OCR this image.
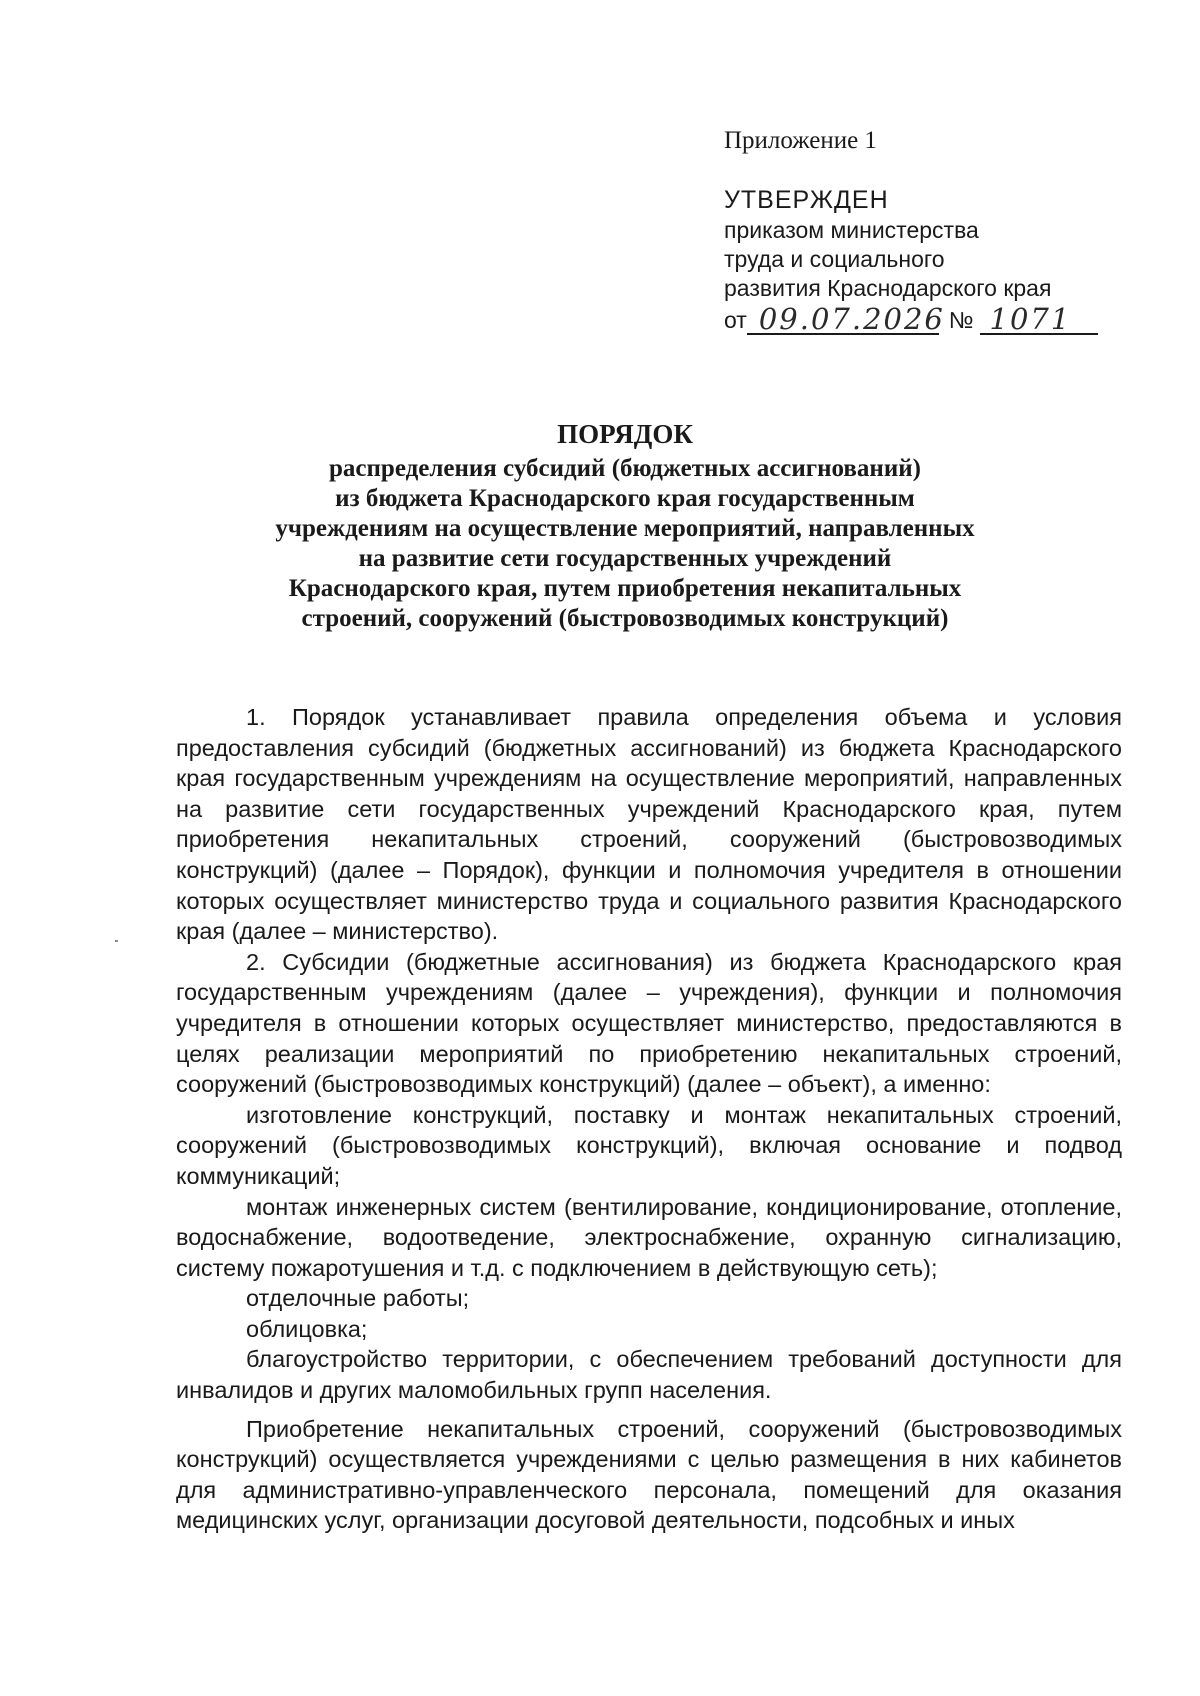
Приложение 1
УТВЕРЖДЕН
приказом министерства
труда и социального
развития Краснодарского края
от 09.07.2026 № 1071
ПОРЯДОК
распределения субсидий (бюджетных ассигнований)
из бюджета Краснодарского края государственным
учреждениям на осуществление мероприятий, направленных
на развитие сети государственных учреждений
Краснодарского края, путем приобретения некапитальных
строений, сооружений (быстровозводимых конструкций)

1. Порядок устанавливает правила определения объема и условия предоставления субсидий (бюджетных ассигнований) из бюджета Краснодарского края государственным учреждениям на осуществление мероприятий, направленных на развитие сети государственных учреждений Краснодарского края, путем приобретения некапитальных строений, сооружений (быстровозводимых конструкций) (далее – Порядок), функции и полномочия учредителя в отношении которых осуществляет министерство труда и социального развития Краснодарского края (далее – министерство).

2. Субсидии (бюджетные ассигнования) из бюджета Краснодарского края государственным учреждениям (далее – учреждения), функции и полномочия учредителя в отношении которых осуществляет министерство, предоставляются в целях реализации мероприятий по приобретению некапитальных строений, сооружений (быстровозводимых конструкций) (далее – объект), а именно:

изготовление конструкций, поставку и монтаж некапитальных строений, сооружений (быстровозводимых конструкций), включая основание и подвод коммуникаций;

монтаж инженерных систем (вентилирование, кондиционирование, отопление, водоснабжение, водоотведение, электроснабжение, охранную сигнализацию, систему пожаротушения и т.д. с подключением в действующую сеть);

отделочные работы;

облицовка;

благоустройство территории, с обеспечением требований доступности для инвалидов и других маломобильных групп населения.

Приобретение некапитальных строений, сооружений (быстровозводимых конструкций) осуществляется учреждениями с целью размещения в них кабинетов для административно-управленческого персонала, помещений для оказания медицинских услуг, организации досуговой деятельности, подсобных и иных
